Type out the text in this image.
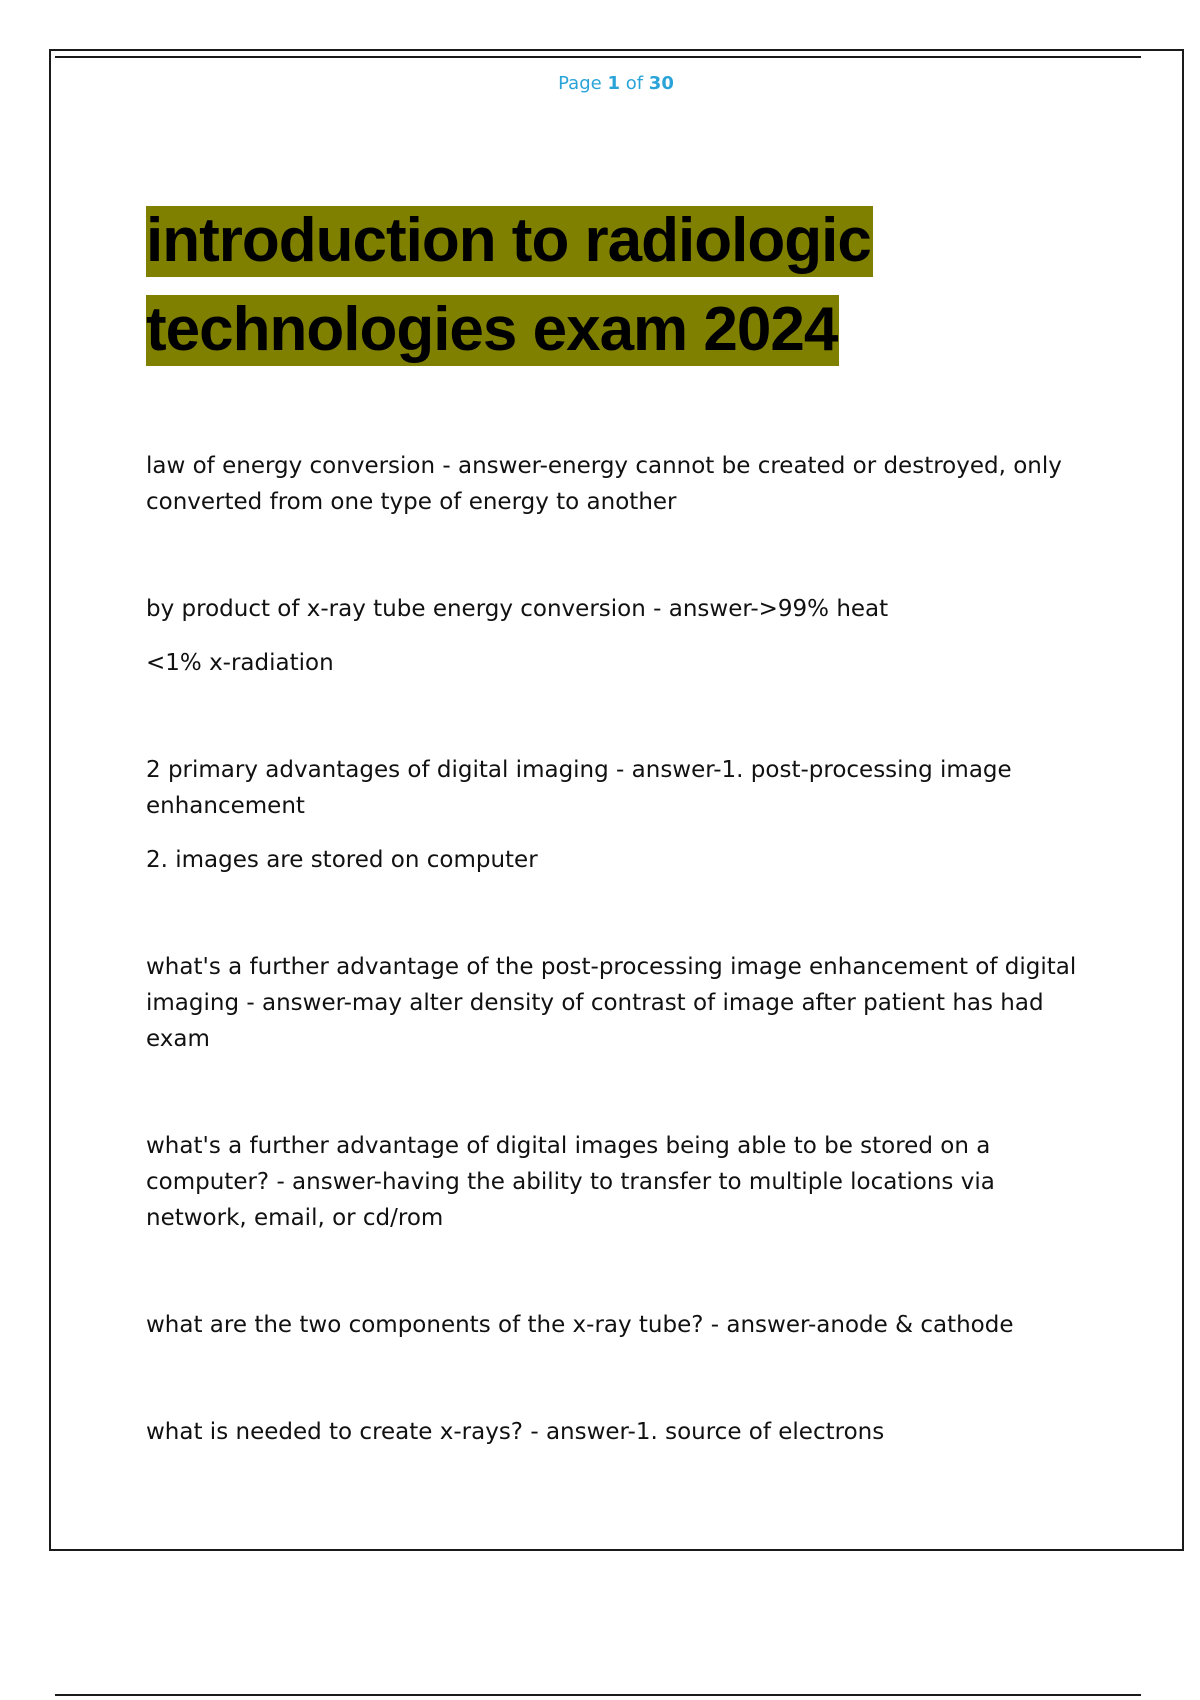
Page 1 of 30
introduction to radiologic
technologies exam 2024

law of energy conversion - answer-energy cannot be created or destroyed, only converted from one type of energy to another

by product of x-ray tube energy conversion - answer->99% heat

<1% x-radiation

2 primary advantages of digital imaging - answer-1. post-processing image enhancement

2. images are stored on computer

what's a further advantage of the post-processing image enhancement of digital imaging - answer-may alter density of contrast of image after patient has had exam

what's a further advantage of digital images being able to be stored on a computer? - answer-having the ability to transfer to multiple locations via network, email, or cd/rom

what are the two components of the x-ray tube? - answer-anode & cathode

what is needed to create x-rays? - answer-1. source of electrons
